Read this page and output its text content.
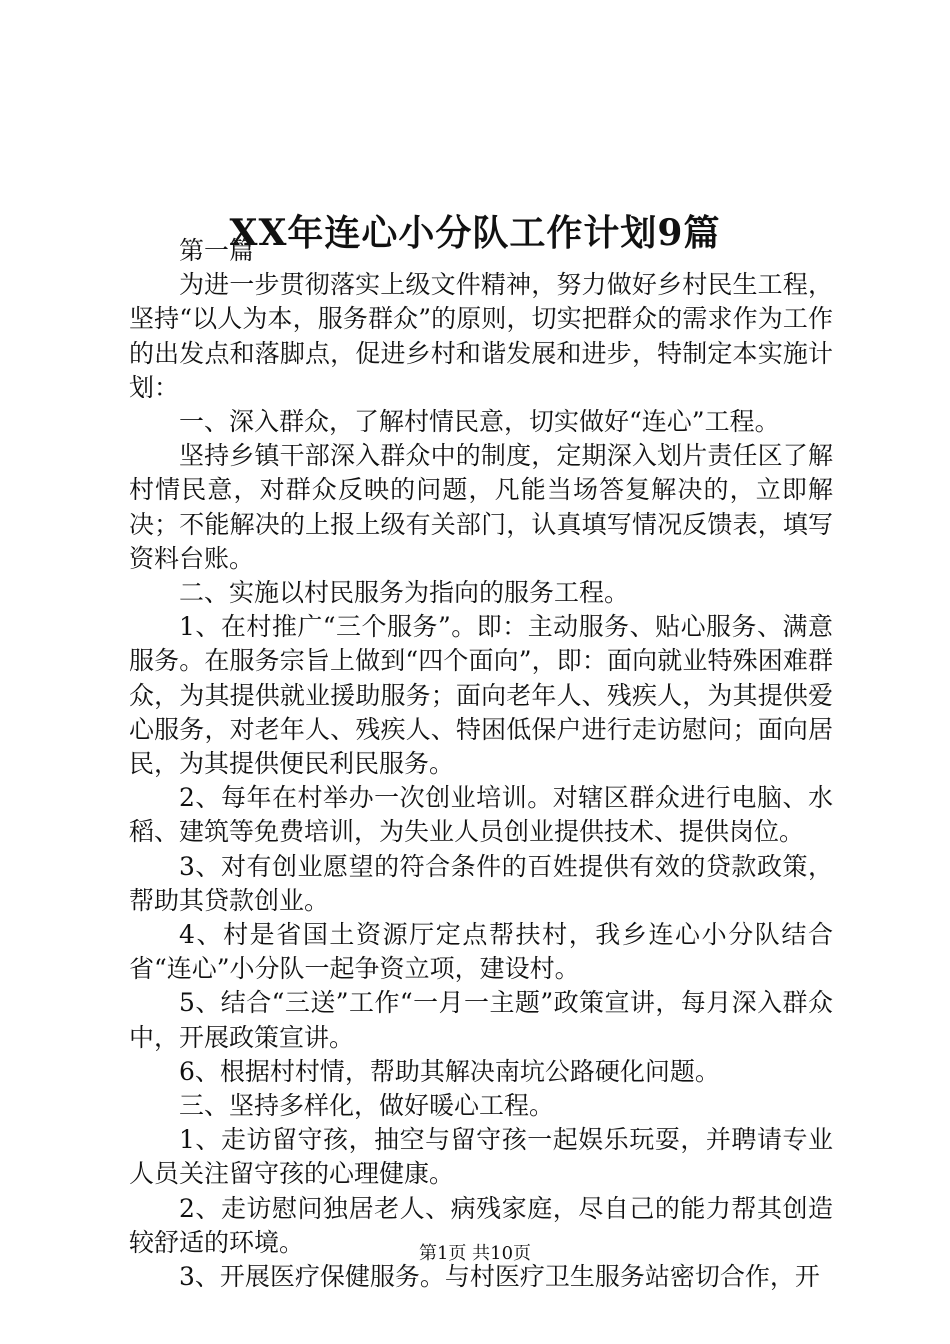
XX年连心小分队工作计划9篇

第一篇

为进一步贯彻落实上级文件精神，努力做好乡村民生工程，坚持“以人为本，服务群众”的原则，切实把群众的需求作为工作的出发点和落脚点，促进乡村和谐发展和进步，特制定本实施计划：

一、深入群众，了解村情民意，切实做好“连心”工程。

坚持乡镇干部深入群众中的制度，定期深入划片责任区了解村情民意，对群众反映的问题，凡能当场答复解决的，立即解决；不能解决的上报上级有关部门，认真填写情况反馈表，填写资料台账。

二、实施以村民服务为指向的服务工程。

1、在村推广“三个服务”。即：主动服务、贴心服务、满意服务。在服务宗旨上做到“四个面向”，即：面向就业特殊困难群众，为其提供就业援助服务；面向老年人、残疾人，为其提供爱心服务，对老年人、残疾人、特困低保户进行走访慰问；面向居民，为其提供便民利民服务。

2、每年在村举办一次创业培训。对辖区群众进行电脑、水稻、建筑等免费培训，为失业人员创业提供技术、提供岗位。

3、对有创业愿望的符合条件的百姓提供有效的贷款政策，帮助其贷款创业。

4、村是省国土资源厅定点帮扶村，我乡连心小分队结合省“连心”小分队一起争资立项，建设村。

5、结合“三送”工作“一月一主题”政策宣讲，每月深入群众中，开展政策宣讲。

6、根据村村情，帮助其解决南坑公路硬化问题。

三、坚持多样化，做好暖心工程。

1、走访留守孩，抽空与留守孩一起娱乐玩耍，并聘请专业人员关注留守孩的心理健康。

2、走访慰问独居老人、病残家庭，尽自己的能力帮其创造较舒适的环境。

3、开展医疗保健服务。与村医疗卫生服务站密切合作，开

第1页 共10页
